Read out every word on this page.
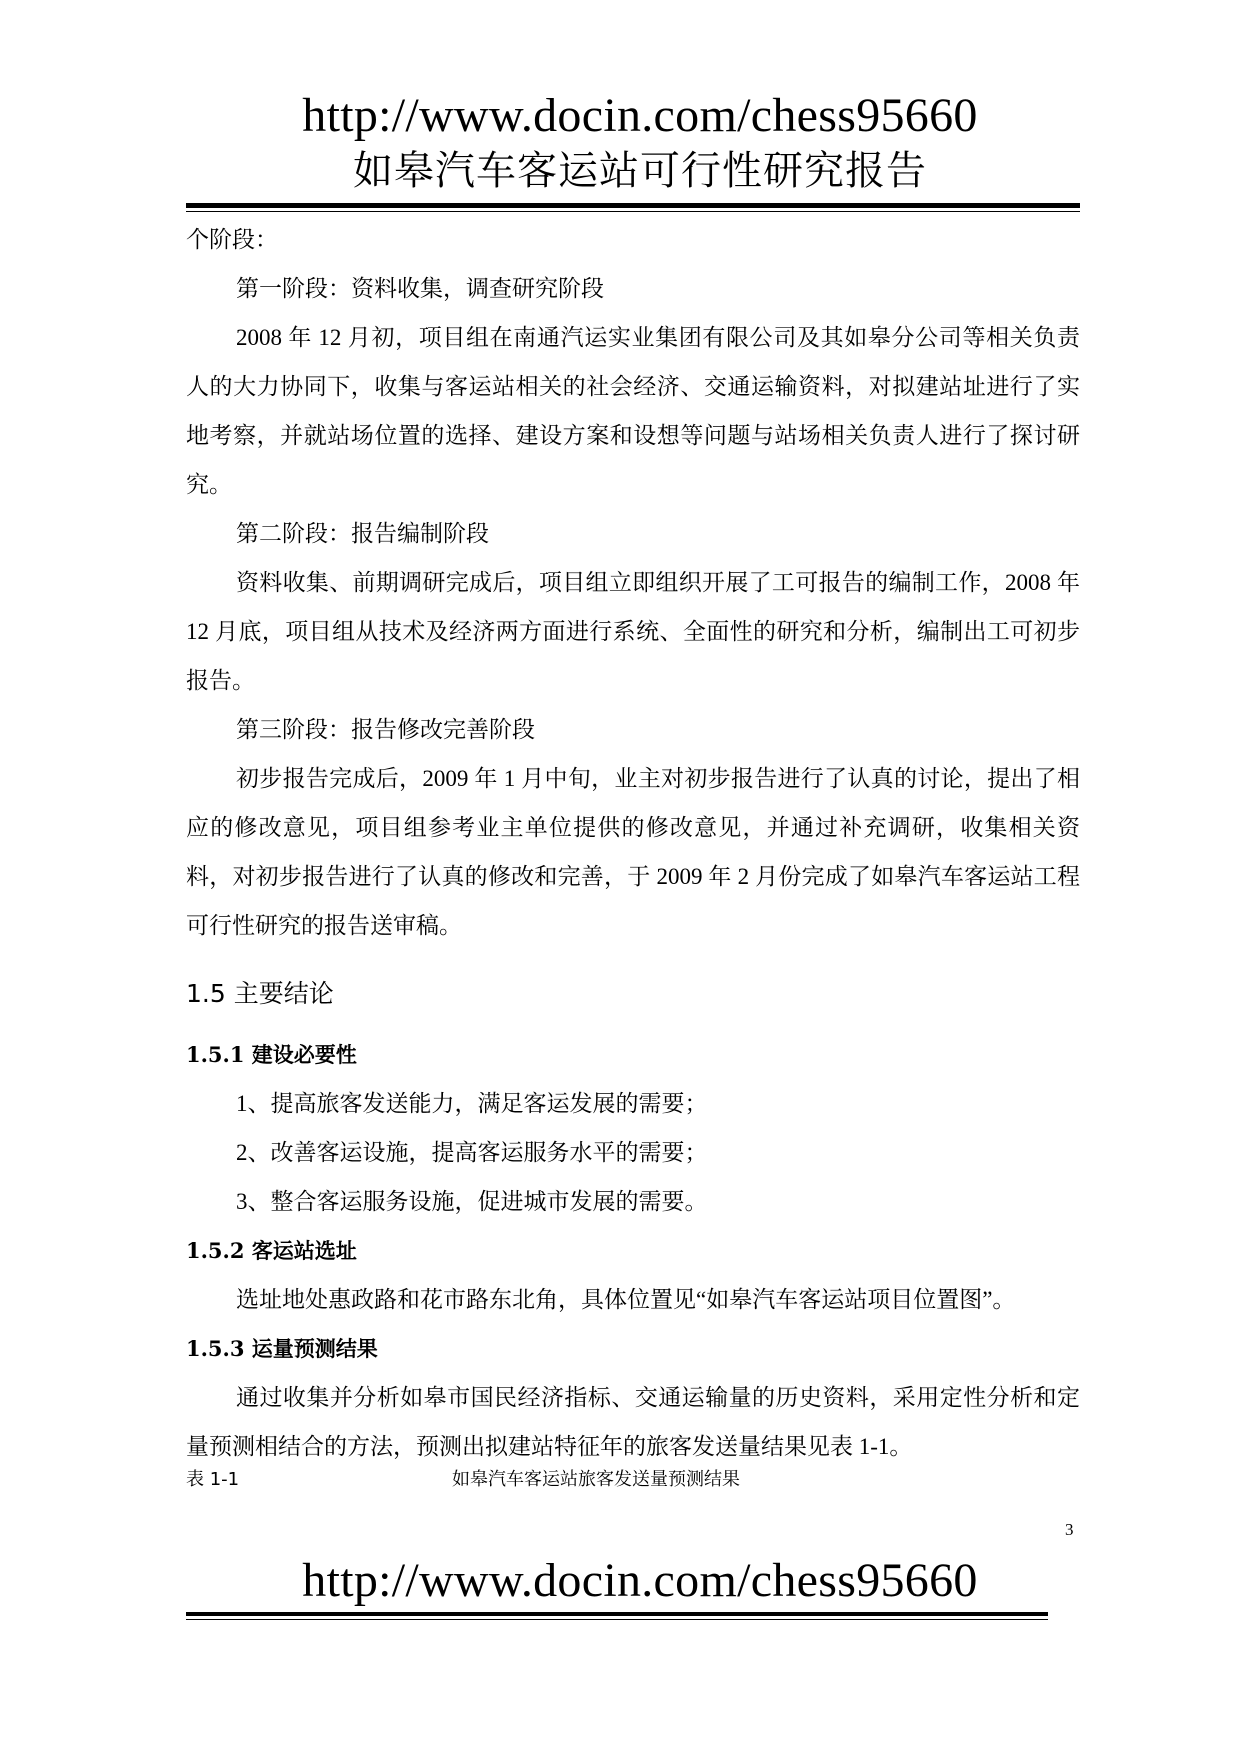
http://www.docin.com/chess95660
如皋汽车客运站可行性研究报告

个阶段：

第一阶段：资料收集，调查研究阶段

2008 年 12 月初，项目组在南通汽运实业集团有限公司及其如皋分公司等相关负责人的大力协同下，收集与客运站相关的社会经济、交通运输资料，对拟建站址进行了实地考察，并就站场位置的选择、建设方案和设想等问题与站场相关负责人进行了探讨研究。

第二阶段：报告编制阶段

资料收集、前期调研完成后，项目组立即组织开展了工可报告的编制工作，2008 年 12 月底，项目组从技术及经济两方面进行系统、全面性的研究和分析，编制出工可初步报告。

第三阶段：报告修改完善阶段

初步报告完成后，2009 年 1 月中旬，业主对初步报告进行了认真的讨论，提出了相应的修改意见，项目组参考业主单位提供的修改意见，并通过补充调研，收集相关资料，对初步报告进行了认真的修改和完善，于 2009 年 2 月份完成了如皋汽车客运站工程可行性研究的报告送审稿。

1.5 主要结论
1.5.1 建设必要性

1、提高旅客发送能力，满足客运发展的需要；

2、改善客运设施，提高客运服务水平的需要；

3、整合客运服务设施，促进城市发展的需要。

1.5.2 客运站选址

选址地处惠政路和花市路东北角，具体位置见“如皋汽车客运站项目位置图”。

1.5.3 运量预测结果

通过收集并分析如皋市国民经济指标、交通运输量的历史资料，采用定性分析和定量预测相结合的方法，预测出拟建站特征年的旅客发送量结果见表 1-1。

表 1-1	如皋汽车客运站旅客发送量预测结果
3
http://www.docin.com/chess95660
